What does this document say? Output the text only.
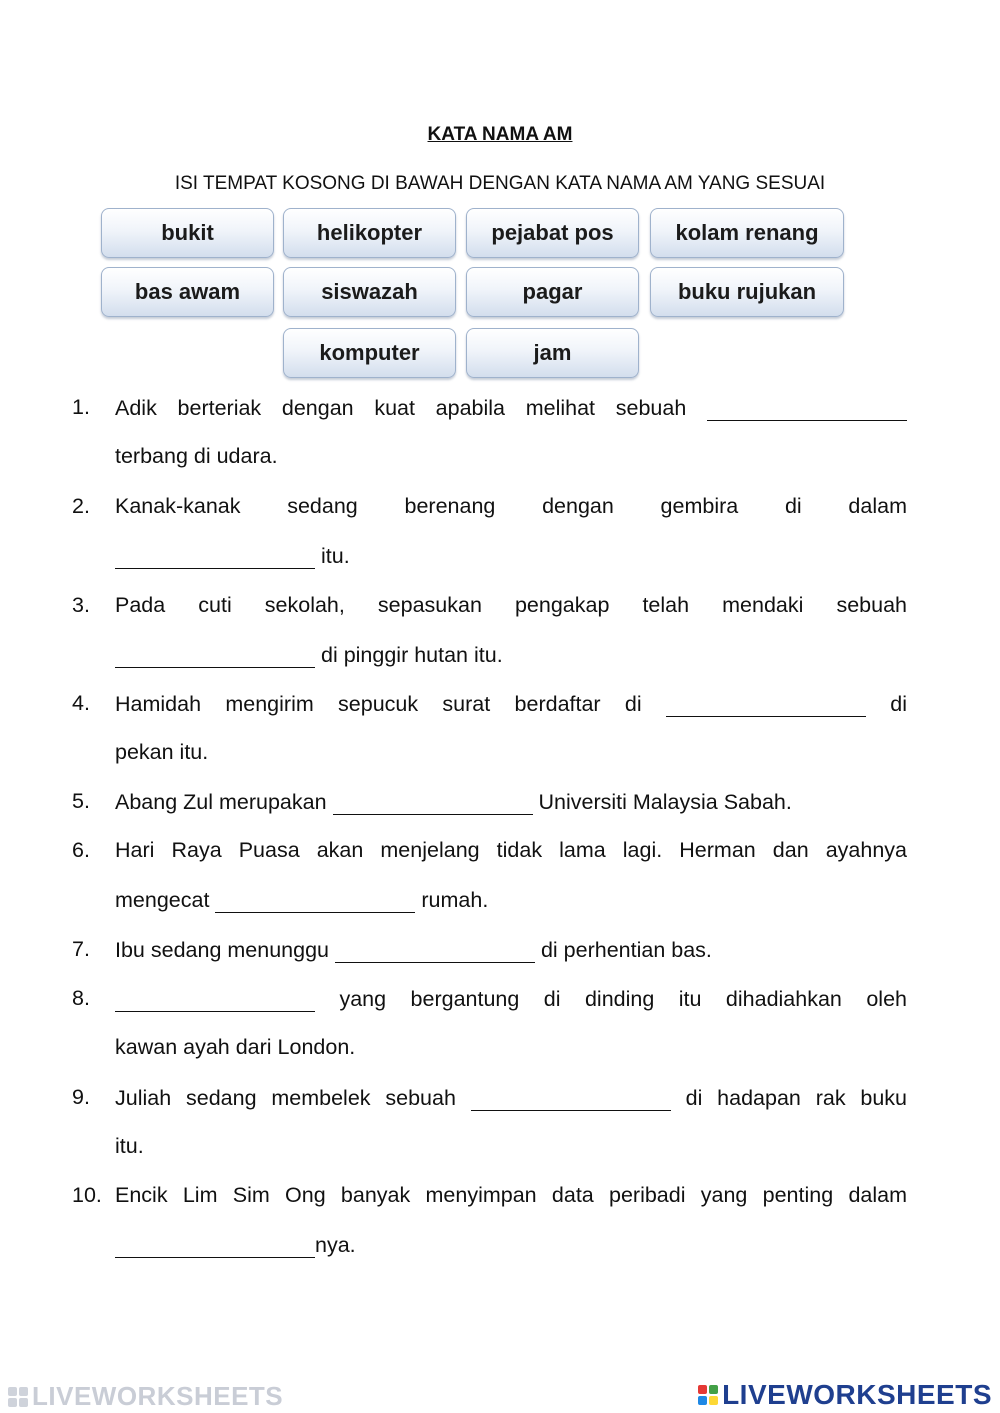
KATA NAMA AM
ISI TEMPAT KOSONG DI BAWAH DENGAN KATA NAMA AM YANG SESUAI
bukit	helikopter	pejabat pos	kolam renang
bas awam	siswazah	pagar	buku rujukan
komputer	jam
1. Adik berteriak dengan kuat apabila melihat sebuah
terbang di udara.
2. Kanak-kanak sedang berenang dengan gembira di dalam
itu.
3. Pada cuti sekolah, sepasukan pengakap telah mendaki sebuah
di pinggir hutan itu.
4. Hamidah mengirim sepucuk surat berdaftar di	di
pekan itu.
5. Abang Zul merupakan	Universiti Malaysia Sabah.
6. Hari Raya Puasa akan menjelang tidak lama lagi. Herman dan ayahnya
mengecat	rumah.
7. Ibu sedang menunggu	di perhentian bas.
8.	yang bergantung di dinding itu dihadiahkan oleh
kawan ayah dari London.
9. Juliah sedang membelek sebuah	di hadapan rak buku
itu.
10. Encik Lim Sim Ong banyak menyimpan data peribadi yang penting dalam
nya.
LIVEWORKSHEETS	LIVEWORKSHEETS
